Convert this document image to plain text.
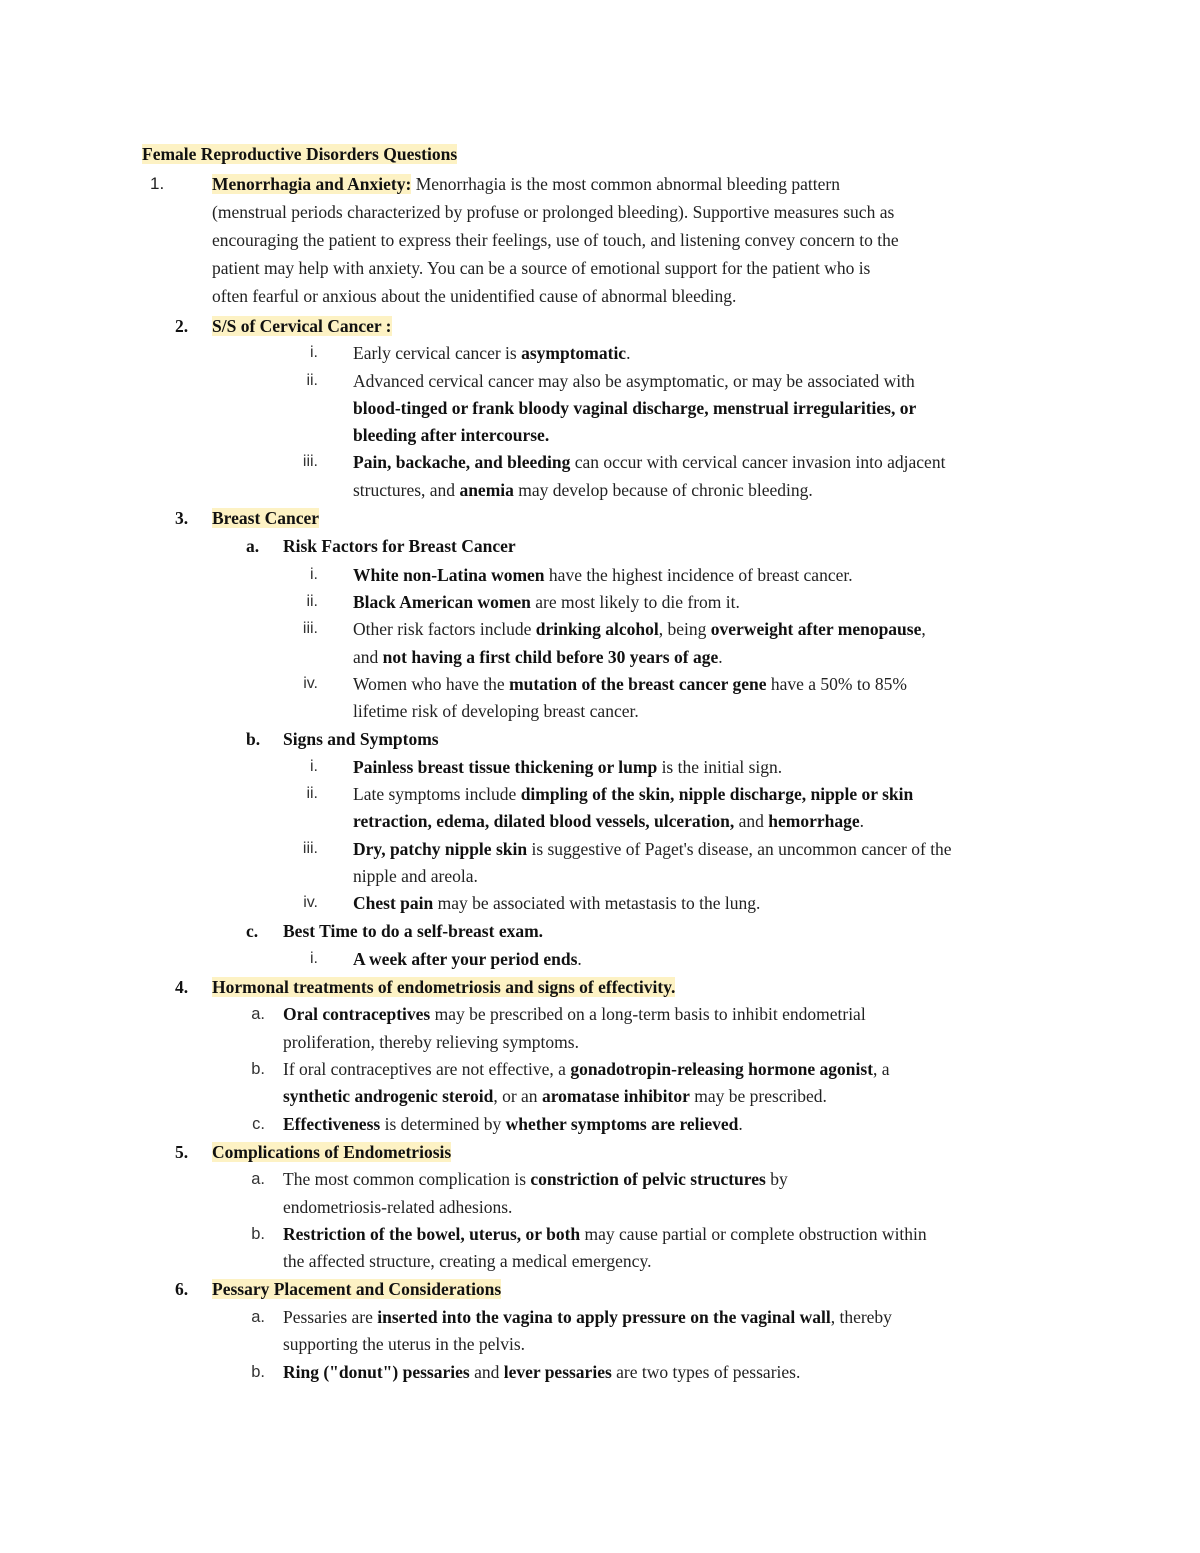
Female Reproductive Disorders Questions
1.	Menorrhagia and Anxiety: Menorrhagia is the most common abnormal bleeding pattern
(menstrual periods characterized by profuse or prolonged bleeding). Supportive measures such as
encouraging the patient to express their feelings, use of touch, and listening convey concern to the
patient may help with anxiety. You can be a source of emotional support for the patient who is
often fearful or anxious about the unidentified cause of abnormal bleeding.
2. S/S of Cervical Cancer :
i. Early cervical cancer is asymptomatic.
ii. Advanced cervical cancer may also be asymptomatic, or may be associated with
blood-tinged or frank bloody vaginal discharge, menstrual irregularities, or
bleeding after intercourse.
iii. Pain, backache, and bleeding can occur with cervical cancer invasion into adjacent
structures, and anemia may develop because of chronic bleeding.
3. Breast Cancer
a. Risk Factors for Breast Cancer
i. White non-Latina women have the highest incidence of breast cancer.
ii. Black American women are most likely to die from it.
iii. Other risk factors include drinking alcohol, being overweight after menopause,
and not having a first child before 30 years of age.
iv. Women who have the mutation of the breast cancer gene have a 50% to 85%
lifetime risk of developing breast cancer.
b. Signs and Symptoms
i. Painless breast tissue thickening or lump is the initial sign.
ii. Late symptoms include dimpling of the skin, nipple discharge, nipple or skin
retraction, edema, dilated blood vessels, ulceration, and hemorrhage.
iii. Dry, patchy nipple skin is suggestive of Paget's disease, an uncommon cancer of the
nipple and areola.
iv. Chest pain may be associated with metastasis to the lung.
c. Best Time to do a self-breast exam.
i. A week after your period ends.
4. Hormonal treatments of endometriosis and signs of effectivity.
a. Oral contraceptives may be prescribed on a long-term basis to inhibit endometrial
proliferation, thereby relieving symptoms.
b. If oral contraceptives are not effective, a gonadotropin-releasing hormone agonist, a
synthetic androgenic steroid, or an aromatase inhibitor may be prescribed.
c. Effectiveness is determined by whether symptoms are relieved.
5. Complications of Endometriosis
a. The most common complication is constriction of pelvic structures by
endometriosis-related adhesions.
b. Restriction of the bowel, uterus, or both may cause partial or complete obstruction within
the affected structure, creating a medical emergency.
6. Pessary Placement and Considerations
a. Pessaries are inserted into the vagina to apply pressure on the vaginal wall, thereby
supporting the uterus in the pelvis.
b. Ring ("donut") pessaries and lever pessaries are two types of pessaries.
